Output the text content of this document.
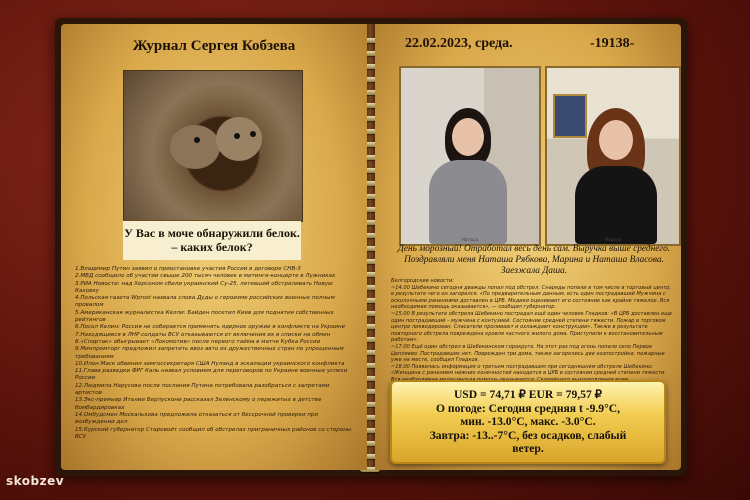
Журнал Сергея Кобзева
У Вас в моче обнаружили белок.
– каких белок?
1.Владимир Путин заявил о приостановке участия России в договоре СНВ-3
2.МВД сообщило об участии свыше 200 тысяч человек в митинге-концерте в Лужниках
3.РИА Новости: над Херсоном сбили украинский Су-25, летевший обстреливать Новую Каховку
4.Польская газета Wprost назвала слова Дуды о героизме российских военных полным провалом
5.Американская журналистка Келли: Байден посетил Киев для поднятия собственных рейтингов
6.Посол Келин: Россия не собирается применять ядерное оружие в конфликте на Украине
7.Находящиеся в ЛНР солдаты ВСУ отказываются от включения их в списки на обмен
8.«Спартак» обыгрывает «Локомотив» после первого тайма в матче Кубка России
9.Минпромторг предложил запретить ввоз авто из дружественных стран по упрощенным требованиям
10.Илон Маск обвинил замгоссекретаря США Нуланд в эскалации украинского конфликта
11.Глава разведки ФРГ Каль назвал условием для переговоров по Украине военные успехи России
12.Людмила Нарусова после послания Путина потребовала разобраться с запретами артистов
13.Экс-премьер Италии Берлускони рассказал Зеленскому о пережитых в детстве бомбардировках
14.Омбудсмен Москалькова предложила отказаться от бессрочной проверки при возбуждении дел
15.Курский губернатор Старовойт сообщил об обстрелах приграничных районов со стороны ВСУ
22.02.2023, среда.	-19138-
Наташа	Марина
День морозный! Отработал весь день сам. Выручка выше среднего. Поздравляли меня Наташа Рябкова, Марина и Наташа Власова. Заезжала Даша.

Белгородские новости:

~14.00 Шебекино сегодня дважды попал под обстрел. Снаряды попали в том числе в торговый центр, в результате чего он загорелся. «По предварительным данным, есть один пострадавший Мужчина с осколочными ранениями доставлен в ЦРБ. Медики оценивают его состояние как крайне тяжелое. Вся необходимая помощь оказывается», — сообщил губернатор.

~15.00 В результате обстрела Шебекино пострадал ещё один человек Гладков: «В ЦРБ доставлен еще один пострадавший – мужчина с контузией. Состояние средней степени тяжести. Пожар в торговом центре ликвидирован. Спасатели проливают и охлаждают конструкции». Также в результате повторного обстрела повреждена кровля частного жилого дома. Приступили к восстановительным работам».

~17.00 Ещё один обстрел в Шебекинском горокруге. На этот раз под огонь попало село Первое Цепляево. Пострадавших нет. Поврежден три дома, также загорелись две хозпостройки, пожарные уже на месте, сообщил Гладков.

~18.00 Появилась информация о третьем пострадавшем при сегодняшнем обстреле Шебекино: «Женщина с ранением нижних конечностей находится в ЦРБ в состоянии средней степени тяжести.

USD = 74,71 ₽ EUR = 79,57 ₽
О погоде: Сегодня средняя t -9.9°C,
мин. -13.0°C, макс. -3.0°C.
Завтра: -13..-7°C, без осадков, слабый
ветер.
skobzev
